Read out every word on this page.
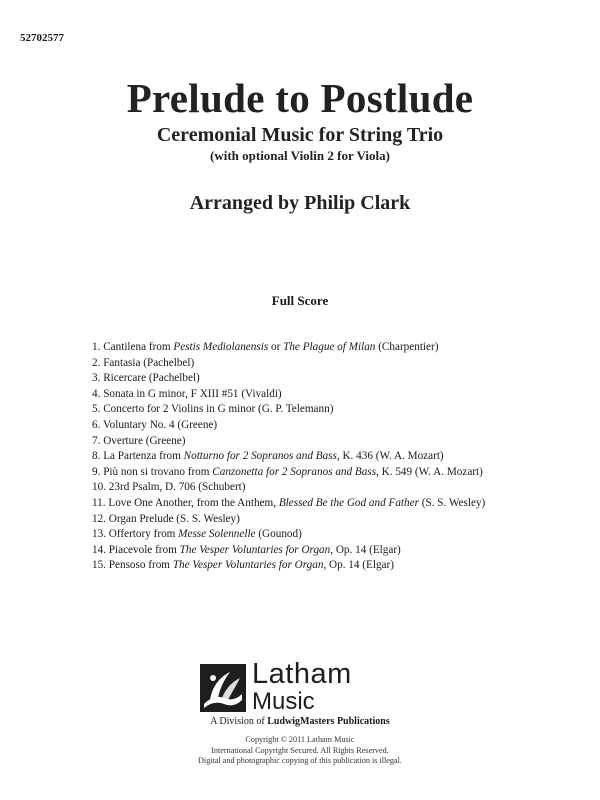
52702577
Prelude to Postlude
Ceremonial Music for String Trio
(with optional Violin 2 for Viola)
Arranged by Philip Clark
Full Score
1. Cantilena from Pestis Mediolanensis or The Plague of Milan (Charpentier)
2. Fantasia (Pachelbel)
3. Ricercare (Pachelbel)
4. Sonata in G minor, F XIII #51 (Vivaldi)
5. Concerto for 2 Violins in G minor (G. P. Telemann)
6. Voluntary No. 4 (Greene)
7. Overture (Greene)
8. La Partenza from Notturno for 2 Sopranos and Bass, K. 436 (W. A. Mozart)
9. Più non si trovano from Canzonetta for 2 Sopranos and Bass, K. 549 (W. A. Mozart)
10. 23rd Psalm, D. 706 (Schubert)
11. Love One Another, from the Anthem, Blessed Be the God and Father (S. S. Wesley)
12. Organ Prelude (S. S. Wesley)
13. Offertory from Messe Solennelle (Gounod)
14. Piacevole from The Vesper Voluntaries for Organ, Op. 14 (Elgar)
15. Pensoso from The Vesper Voluntaries for Organ, Op. 14 (Elgar)
Latham
Music
A Division of LudwigMasters Publications
Copyright © 2011 Latham Music
International Copyright Secured. All Rights Reserved.
Digital and photographic copying of this publication is illegal.
